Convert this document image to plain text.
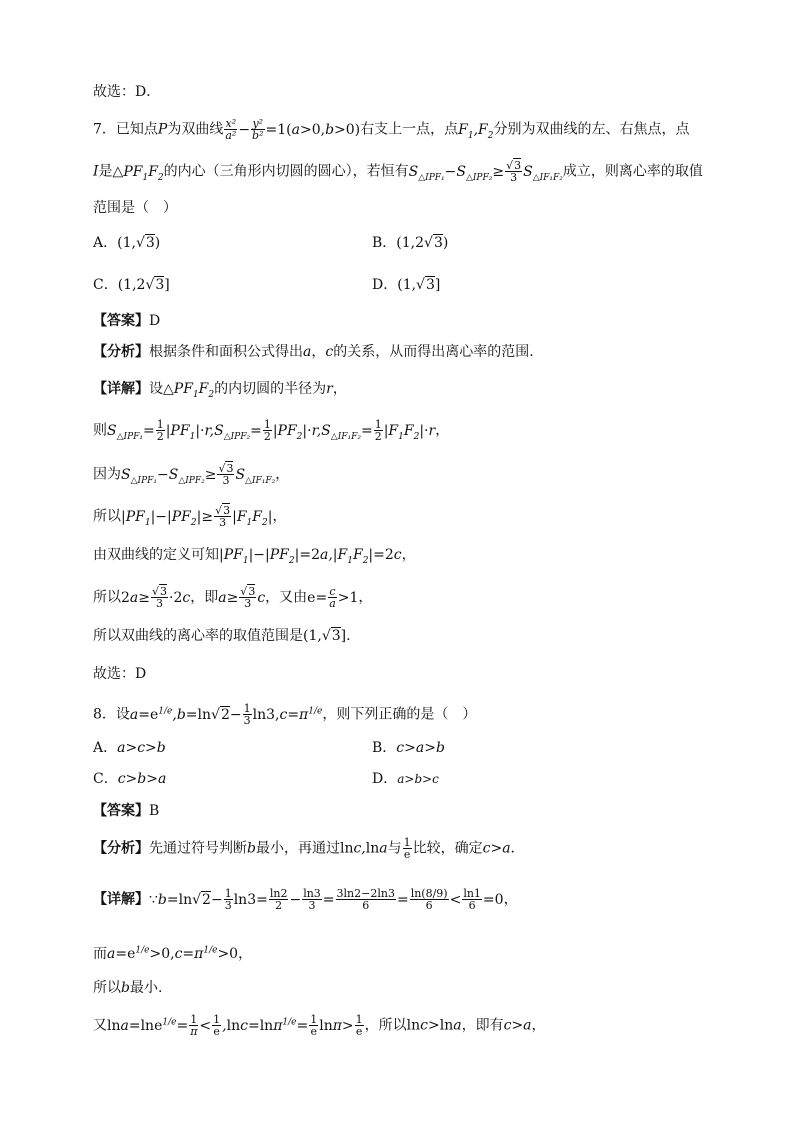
故选：D．
7．已知点P为双曲线 $\frac{\text{x²}}{\text{a²}} - \frac{\text{y²}}{\text{b²}} =1(a>0,b>0)$右支上一点，点$F_1,F_2$分别为双曲线的左、右焦点，点
I是$\triangle PF_1F_2$的内心（三角形内切圆的圆心），若恒有$S_{\triangle IPF_1}-S_{\triangle IPF_2}\ge \frac{√3}{3} S_{\triangle IF_1F_2}$成立，则离心率的取值
范围是（　）
A．(1,√3)	B．(1,2√3)
C．(1,2√3]	D．(1,√3]
【答案】D
【分析】根据条件和面积公式得出a，c的关系，从而得出离心率的范围.
【详解】设$\triangle PF_1F_2$的内切圆的半径为r，
则$S_{\triangle IPF_1}= \frac{1}{2} |PF_1|\cdot r,S_{\triangle IPF_2}= \frac{1}{2} |PF_2|\cdot r,S_{\triangle IF_1F_2}= \frac{1}{2} |F_1F_2|\cdot r$，
因为$S_{\triangle IPF_1}-S_{\triangle IPF_2}\ge \frac{√3}{3} S_{\triangle IF_1F_2}$，
所以$|PF_1|-|PF_2|\ge \frac{√3}{3} |F_1F_2|$，
由双曲线的定义可知$|PF_1|-|PF_2|=2a,|F_1F_2|=2c$，
所以$2a\ge \frac{√3}{3} \cdot 2c$，即$a\ge \frac{√3}{3}$ c，又由$e= \frac{c}{a} >1$，
所以双曲线的离心率的取值范围是(1,√3].
故选：D
8．设$a=e^{1/e},b=\ln√2- \frac{1}{3} \ln 3,c=\pi^{1/e}$，则下列正确的是（　）
A．a>c>b	B．c>a>b
C．c>b>a	D．a>b>c
【答案】B
【分析】先通过符号判断b最小，再通过lnc,lna与 $\frac{1}{e}$ 比较，确定c>a.
【详解】∵b=ln√2− $\frac{1}{3} \ln 3= \frac{\ln 2}{2} - \frac{\ln 3}{3} = \frac{3\ln 2-2\ln 3}{6} = \frac{\ln(8/9)}{6} < \frac{\ln 1}{6} =0$，
而$a=e^{1/e}>0,c=\pi^{1/e}>0$，
所以b最小.
又$\ln a=\ln e^{1/e}= \frac{1}{\pi} < \frac{1}{e} ,\ln c=\ln\pi^{1/e}= \frac{1}{e} \ln\pi> \frac{1}{e}$ ，所以lnc>lna，即有c>a，
